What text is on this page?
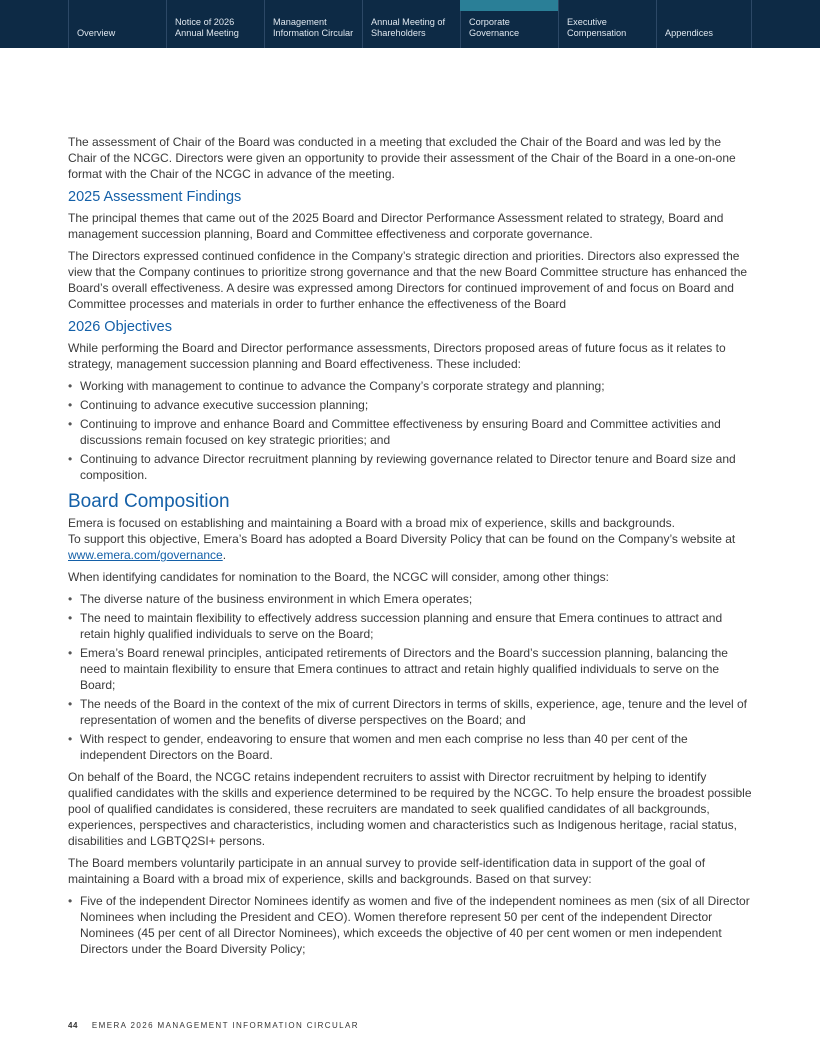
Overview
Notice of 2026
Annual Meeting
Management
Information Circular
Annual Meeting of
Shareholders
Corporate
Governance
Executive
Compensation	Appendices

The assessment of Chair of the Board was conducted in a meeting that excluded the Chair of the Board and was led by the Chair of the NCGC. Directors were given an opportunity to provide their assessment of the Chair of the Board in a one-on-one format with the Chair of the NCGC in advance of the meeting.

2025 Assessment Findings

The principal themes that came out of the 2025 Board and Director Performance Assessment related to strategy, Board and management succession planning, Board and Committee effectiveness and corporate governance.

The Directors expressed continued confidence in the Company’s strategic direction and priorities. Directors also expressed the view that the Company continues to prioritize strong governance and that the new Board Committee structure has enhanced the Board’s overall effectiveness. A desire was expressed among Directors for continued improvement of and focus on Board and Committee processes and materials in order to further enhance the effectiveness of the Board

2026 Objectives

While performing the Board and Director performance assessments, Directors proposed areas of future focus as it relates to strategy, management succession planning and Board effectiveness. These included:

• Working with management to continue to advance the Company’s corporate strategy and planning;
• Continuing to advance executive succession planning;
• Continuing to improve and enhance Board and Committee effectiveness by ensuring Board and Committee activities and discussions remain focused on key strategic priorities; and
• Continuing to advance Director recruitment planning by reviewing governance related to Director tenure and Board size and composition.
Board Composition

Emera is focused on establishing and maintaining a Board with a broad mix of experience, skills and backgrounds.
To support this objective, Emera’s Board has adopted a Board Diversity Policy that can be found on the Company’s website at www.emera.com/governance.

When identifying candidates for nomination to the Board, the NCGC will consider, among other things:

• The diverse nature of the business environment in which Emera operates;
• The need to maintain flexibility to effectively address succession planning and ensure that Emera continues to attract and retain highly qualified individuals to serve on the Board;
• Emera’s Board renewal principles, anticipated retirements of Directors and the Board’s succession planning, balancing the need to maintain flexibility to ensure that Emera continues to attract and retain highly qualified individuals to serve on the Board;
• The needs of the Board in the context of the mix of current Directors in terms of skills, experience, age, tenure and the level of representation of women and the benefits of diverse perspectives on the Board; and
• With respect to gender, endeavoring to ensure that women and men each comprise no less than 40 per cent of the independent Directors on the Board.

On behalf of the Board, the NCGC retains independent recruiters to assist with Director recruitment by helping to identify qualified candidates with the skills and experience determined to be required by the NCGC. To help ensure the broadest possible pool of qualified candidates is considered, these recruiters are mandated to seek qualified candidates of all backgrounds, experiences, perspectives and characteristics, including women and characteristics such as Indigenous heritage, racial status, disabilities and LGBTQ2SI+ persons.

The Board members voluntarily participate in an annual survey to provide self-identification data in support of the goal of maintaining a Board with a broad mix of experience, skills and backgrounds. Based on that survey:

• Five of the independent Director Nominees identify as women and five of the independent nominees as men (six of all Director Nominees when including the President and CEO). Women therefore represent 50 per cent of the independent Director Nominees (45 per cent of all Director Nominees), which exceeds the objective of 40 per cent women or men independent Directors under the Board Diversity Policy;
44 EMERA 2026 MANAGEMENT INFORMATION CIRCULAR
